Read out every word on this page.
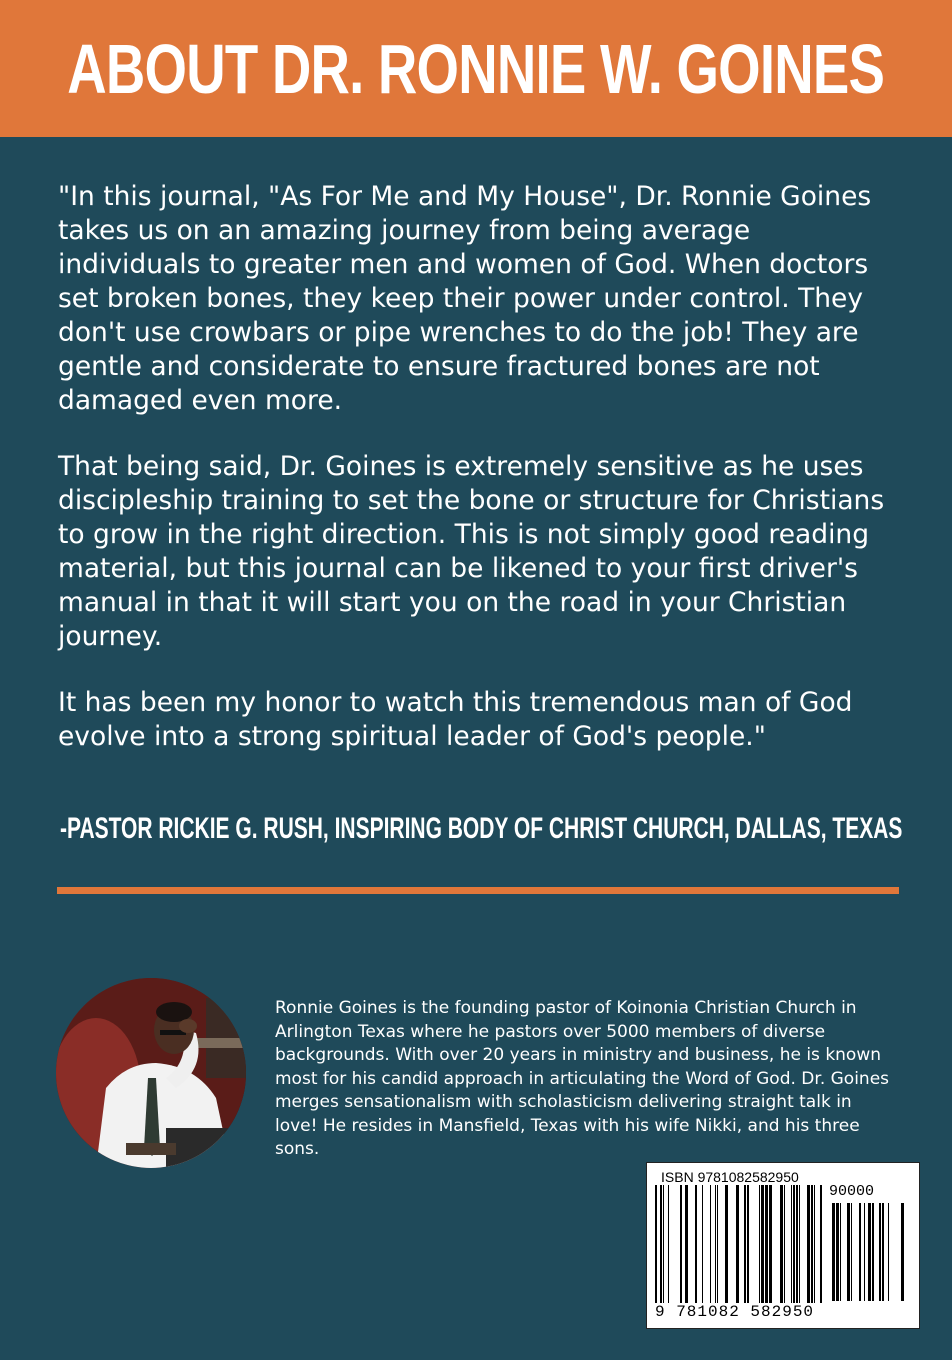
ABOUT DR. RONNIE W. GOINES

"In this journal, "As For Me and My House", Dr. Ronnie Goines takes us on an amazing journey from being average individuals to greater men and women of God. When doctors set broken bones, they keep their power under control. They don't use crowbars or pipe wrenches to do the job! They are gentle and considerate to ensure fractured bones are not damaged even more.

That being said, Dr. Goines is extremely sensitive as he uses discipleship training to set the bone or structure for Christians to grow in the right direction. This is not simply good reading material, but this journal can be likened to your first driver's manual in that it will start you on the road in your Christian journey.

It has been my honor to watch this tremendous man of God evolve into a strong spiritual leader of God's people."

-PASTOR RICKIE G. RUSH, INSPIRING BODY OF CHRIST CHURCH, DALLAS, TEXAS
Ronnie Goines is the founding pastor of Koinonia Christian Church in Arlington Texas where he pastors over 5000 members of diverse backgrounds. With over 20 years in ministry and business, he is known most for his candid approach in articulating the Word of God. Dr. Goines merges sensationalism with scholasticism delivering straight talk in love! He resides in Mansfield, Texas with his wife Nikki, and his three sons.
ISBN 9781082582950
90000
9 781082 582950
